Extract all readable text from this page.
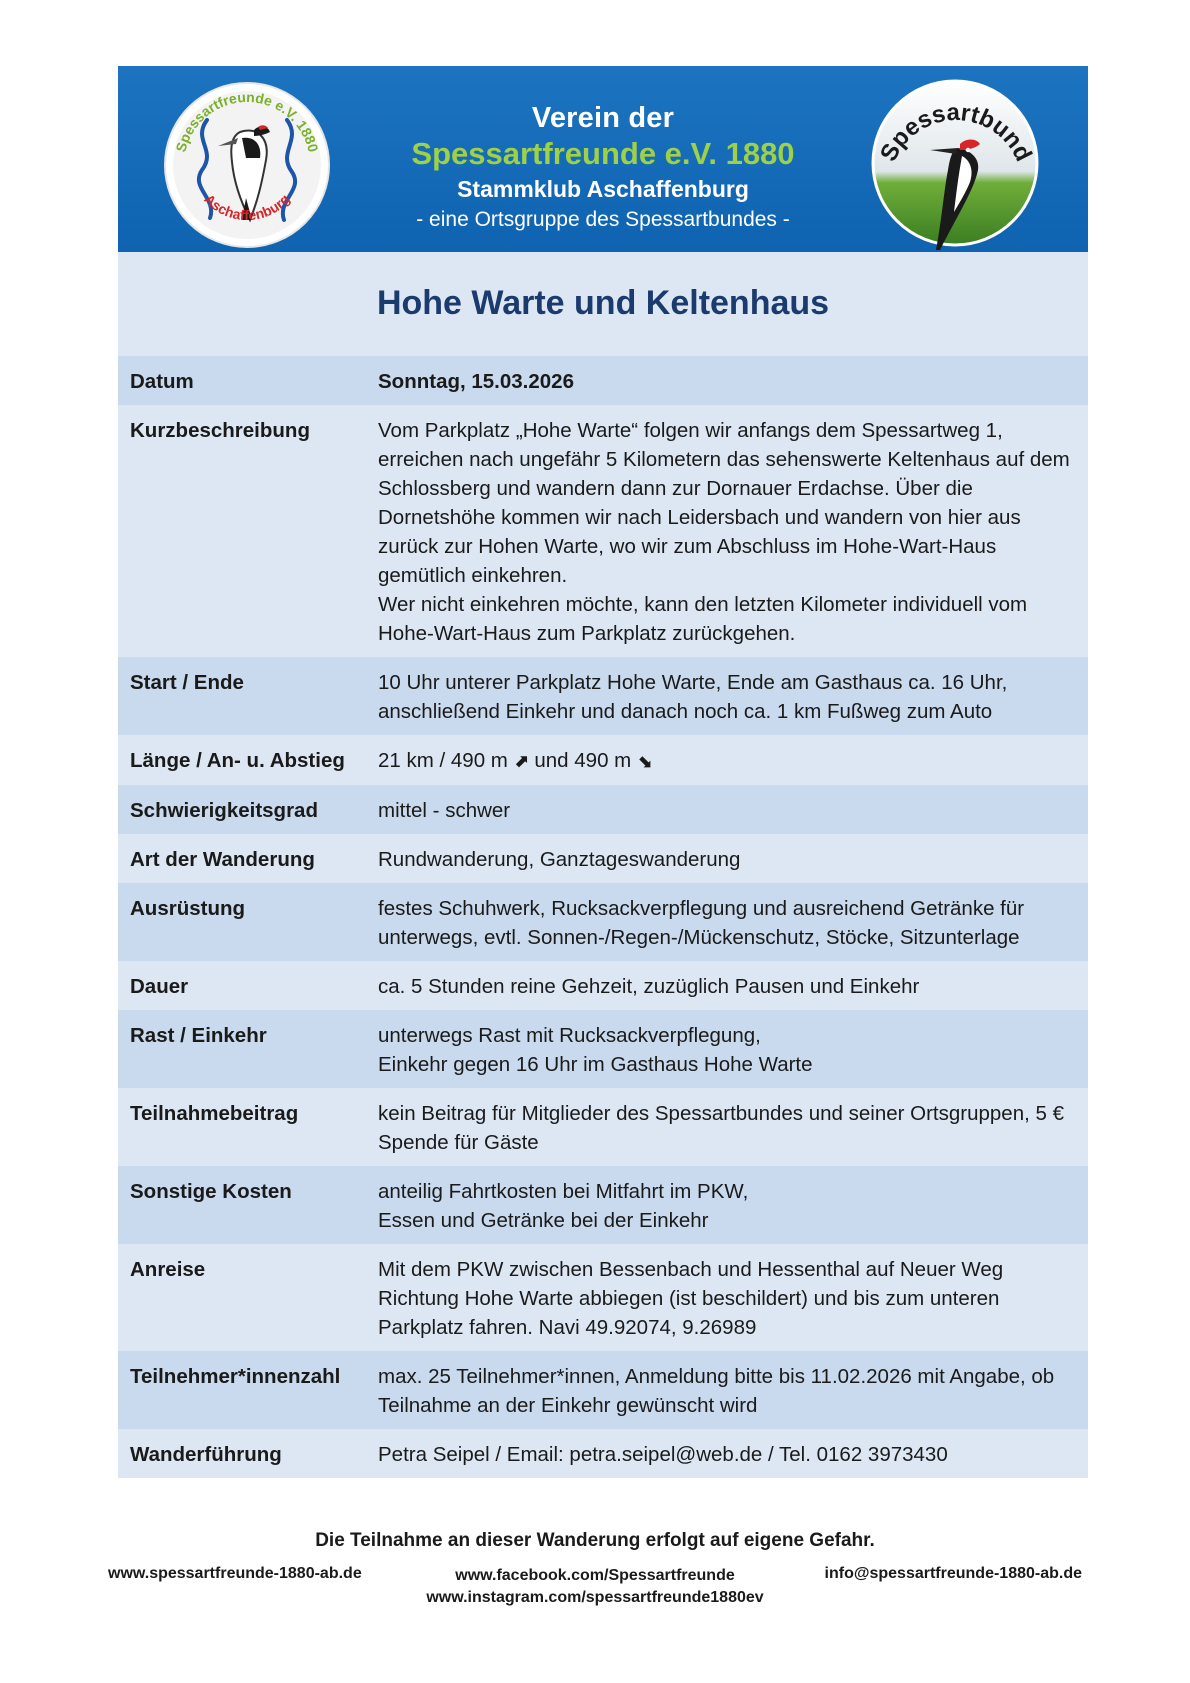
Spessartfreunde e.V. 1880
Aschaffenburg
Verein der
Spessartfreunde e.V. 1880
Stammklub Aschaffenburg
- eine Ortsgruppe des Spessartbundes -
Spessartbund
Hohe Warte und Keltenhaus
Datum	Sonntag, 15.03.2026

Kurzbeschreibung	Vom Parkplatz „Hohe Warte“ folgen wir anfangs dem Spessartweg 1, erreichen nach ungefähr 5 Kilometern das sehenswerte Keltenhaus auf dem Schlossberg und wandern dann zur Dornauer Erdachse. Über die Dornetshöhe kommen wir nach Leidersbach und wandern von hier aus zurück zur Hohen Warte, wo wir zum Abschluss im Hohe-Wart-Haus gemütlich einkehren.

Wer nicht einkehren möchte, kann den letzten Kilometer individuell vom Hohe-Wart-Haus zum Parkplatz zurückgehen.

Start / Ende	10 Uhr unterer Parkplatz Hohe Warte, Ende am Gasthaus ca. 16 Uhr, anschließend Einkehr und danach noch ca. 1 km Fußweg zum Auto

Länge / An- u. Abstieg	21 km / 490 m ⬈ und 490 m ⬊
Schwierigkeitsgrad	mittel - schwer

Art der Wanderung	Rundwanderung, Ganztageswanderung

Ausrüstung	festes Schuhwerk, Rucksackverpflegung und ausreichend Getränke für unterwegs, evtl. Sonnen-/Regen-/Mückenschutz, Stöcke, Sitzunterlage

Dauer	ca. 5 Stunden reine Gehzeit, zuzüglich Pausen und Einkehr

Rast / Einkehr	unterwegs Rast mit Rucksackverpflegung,

Einkehr gegen 16 Uhr im Gasthaus Hohe Warte

Teilnahmebeitrag	kein Beitrag für Mitglieder des Spessartbundes und seiner Ortsgruppen, 5 € Spende für Gäste

Sonstige Kosten	anteilig Fahrtkosten bei Mitfahrt im PKW,

Essen und Getränke bei der Einkehr

Anreise	Mit dem PKW zwischen Bessenbach und Hessenthal auf Neuer Weg Richtung Hohe Warte abbiegen (ist beschildert) und bis zum unteren Parkplatz fahren. Navi 49.92074, 9.26989

Teilnehmer*innenzahl	max. 25 Teilnehmer*innen, Anmeldung bitte bis 11.02.2026 mit Angabe, ob Teilnahme an der Einkehr gewünscht wird

Wanderführung	Petra Seipel / Email: petra.seipel@web.de / Tel. 0162 3973430

Die Teilnahme an dieser Wanderung erfolgt auf eigene Gefahr.
www.spessartfreunde-1880-ab.de	www.facebook.com/Spessartfreunde
www.instagram.com/spessartfreunde1880ev
info@spessartfreunde-1880-ab.de
